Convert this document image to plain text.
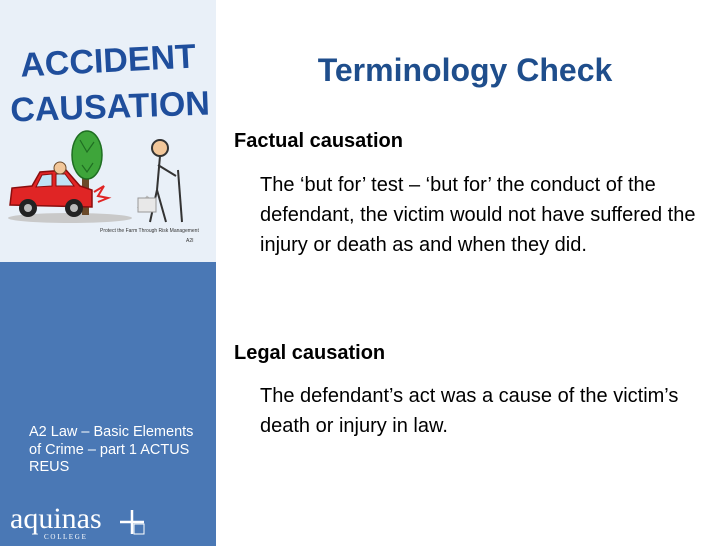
ACCIDENT
CAUSATION
Protect the Farm Through Risk Management
A2I
A2 Law – Basic Elements of Crime – part 1 ACTUS REUS
aquinas
C O L L E G E
Terminology Check
Factual causation
The ‘but for’ test – ‘but for’ the conduct of the defendant, the victim would not have suffered the injury or death as and when they did.
Legal causation
The defendant’s act was a cause of the victim’s death or injury in law.
